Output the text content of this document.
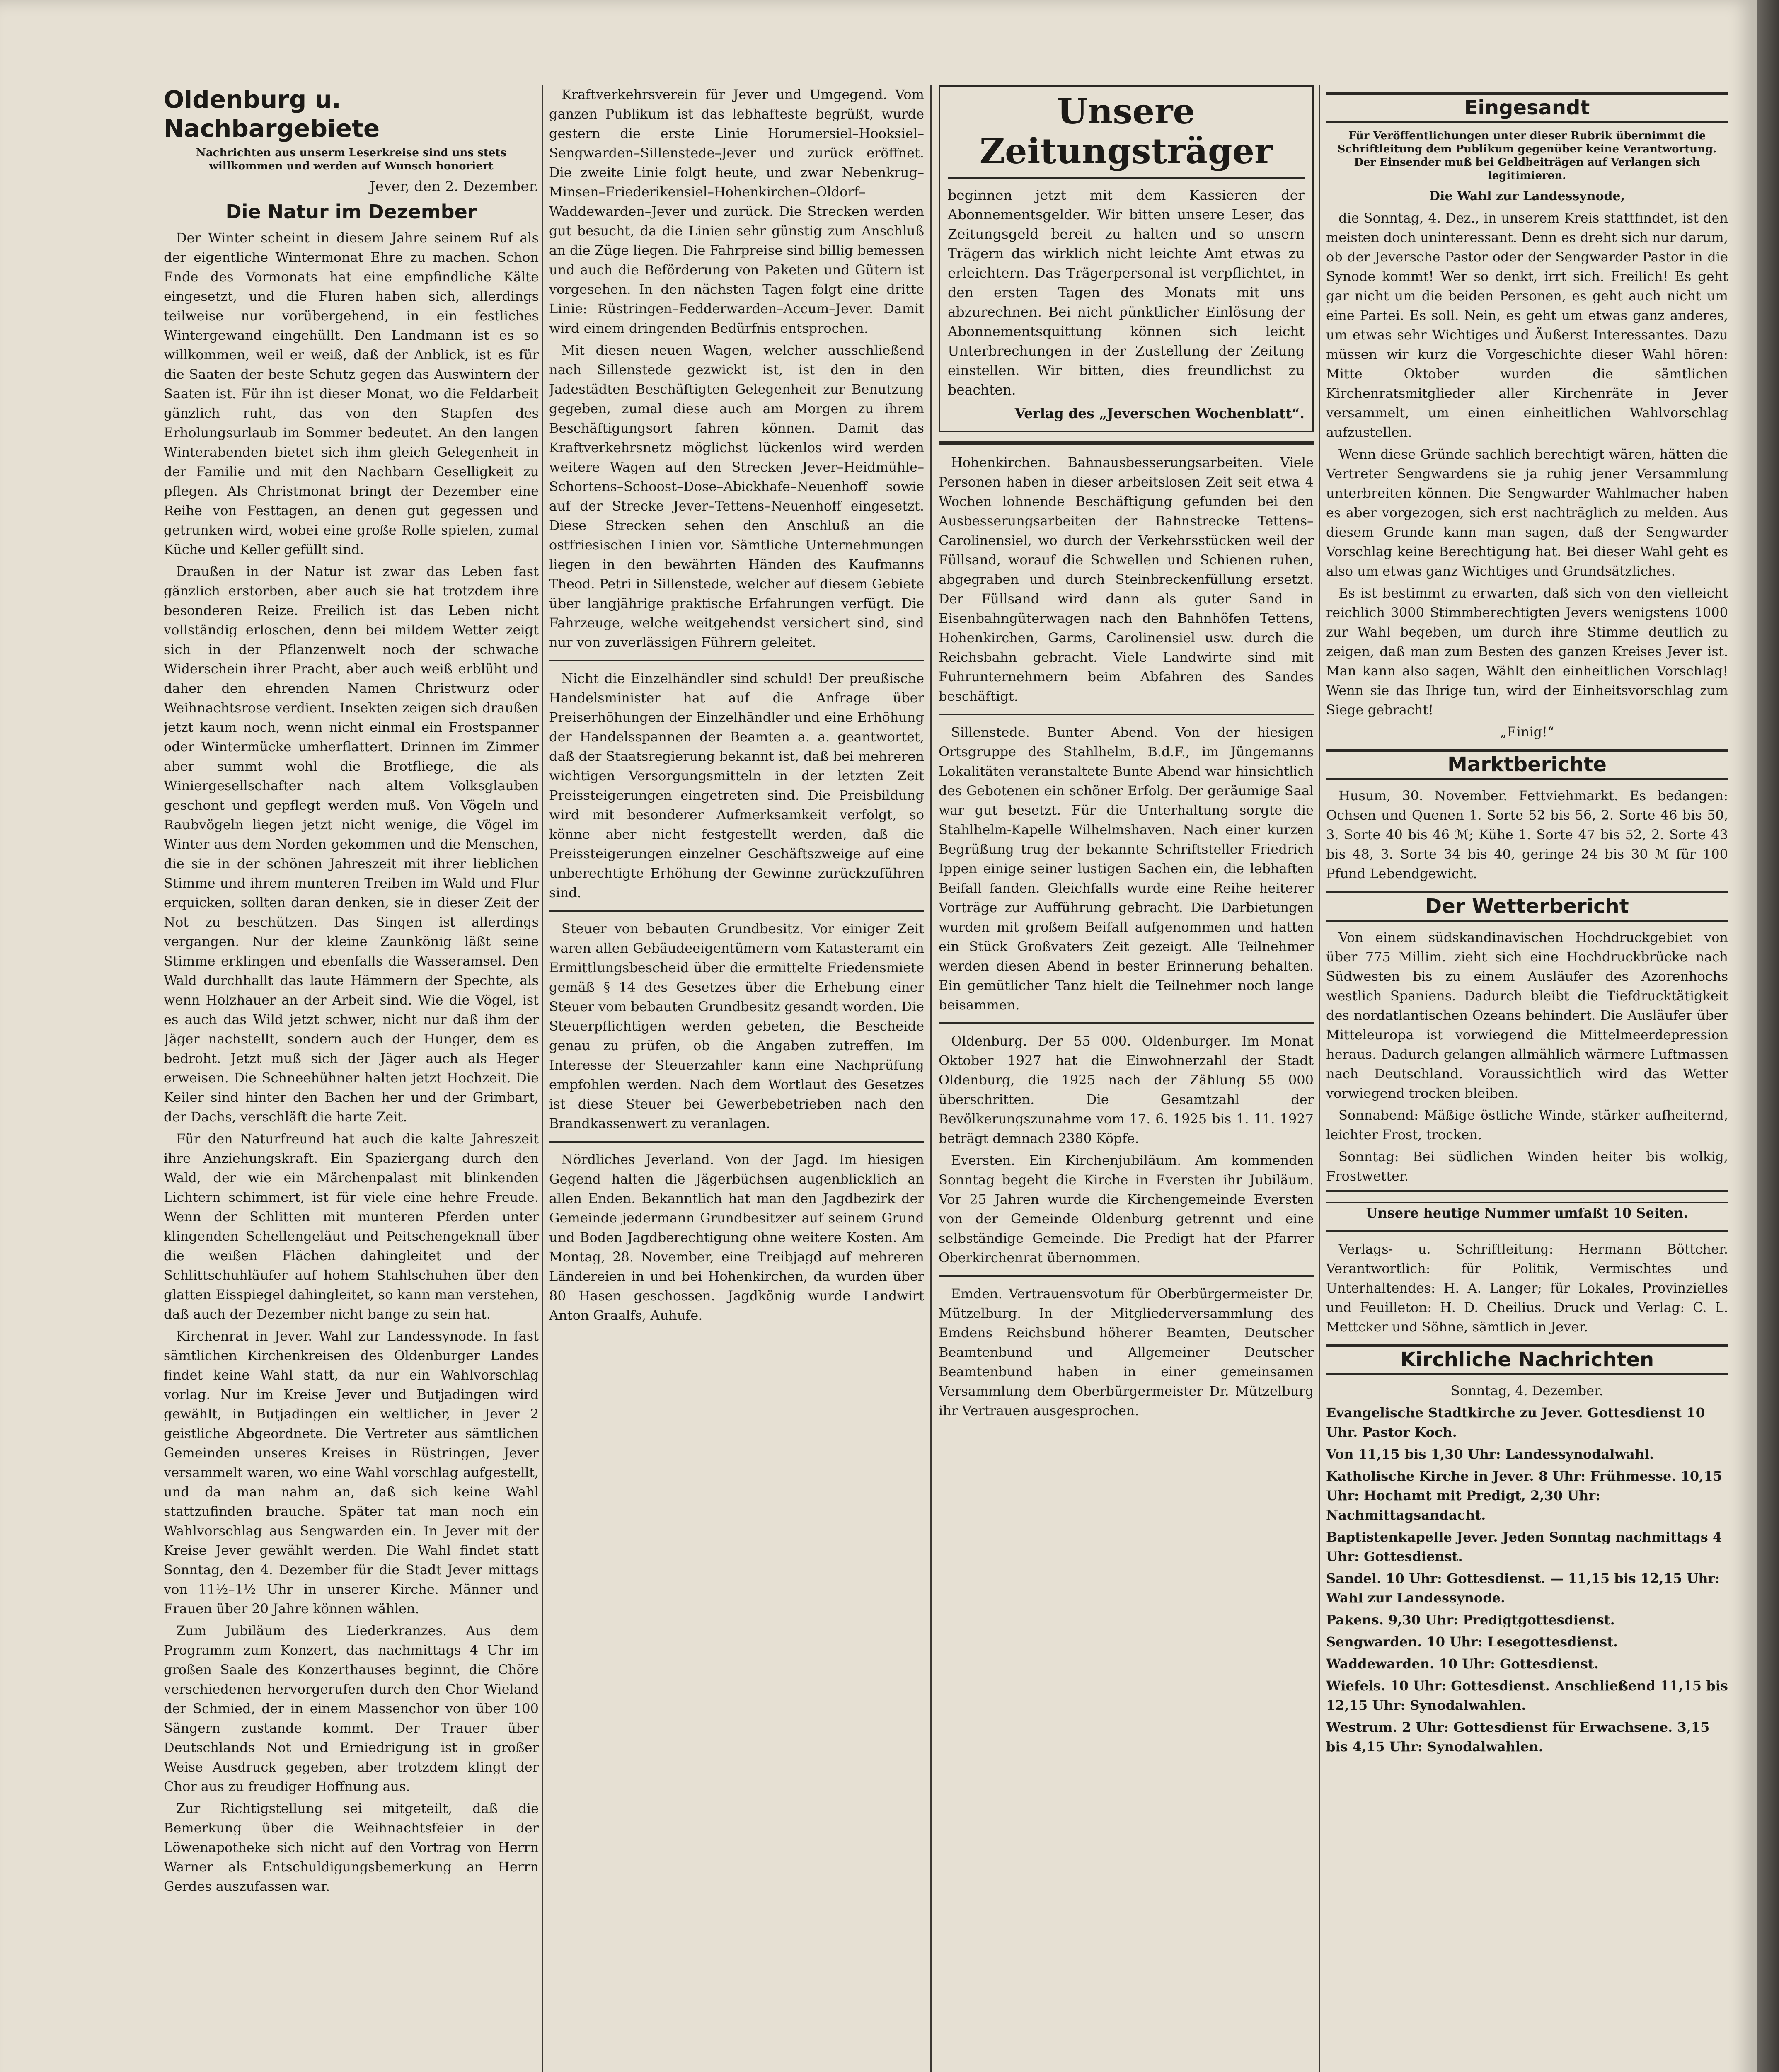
Oldenburg u. Nachbargebiete
Nachrichten aus unserm Leserkreise sind uns stets willkommen und werden auf Wunsch honoriert
Jever, den 2. Dezember.
Die Natur im Dezember

Der Winter scheint in diesem Jahre seinem Ruf als der eigentliche Wintermonat Ehre zu machen. Schon Ende des Vormonats hat eine empfindliche Kälte eingesetzt, und die Fluren haben sich, allerdings teilweise nur vorübergehend, in ein festliches Wintergewand eingehüllt. Den Landmann ist es so willkommen, weil er weiß, daß der Anblick, ist es für die Saaten der beste Schutz gegen das Auswintern der Saaten ist. Für ihn ist dieser Monat, wo die Feldarbeit gänzlich ruht, das von den Stapfen des Erholungsurlaub im Sommer bedeutet. An den langen Winterabenden bietet sich ihm gleich Gelegenheit in der Familie und mit den Nachbarn Geselligkeit zu pflegen. Als Christmonat bringt der Dezember eine Reihe von Festtagen, an denen gut gegessen und getrunken wird, wobei eine große Rolle spielen, zumal Küche und Keller gefüllt sind.

Draußen in der Natur ist zwar das Leben fast gänzlich erstorben, aber auch sie hat trotzdem ihre besonderen Reize. Freilich ist das Leben nicht vollständig erloschen, denn bei mildem Wetter zeigt sich in der Pflanzenwelt noch der schwache Widerschein ihrer Pracht, aber auch weiß erblüht und daher den ehrenden Namen Christwurz oder Weihnachtsrose verdient. Insekten zeigen sich draußen jetzt kaum noch, wenn nicht einmal ein Frostspanner oder Wintermücke umherflattert. Drinnen im Zimmer aber summt wohl die Brotfliege, die als Winiergesellschafter nach altem Volksglauben geschont und gepflegt werden muß. Von Vögeln und Raubvögeln liegen jetzt nicht wenige, die Vögel im Winter aus dem Norden gekommen und die Menschen, die sie in der schönen Jahreszeit mit ihrer lieblichen Stimme und ihrem munteren Treiben im Wald und Flur erquicken, sollten daran denken, sie in dieser Zeit der Not zu beschützen. Das Singen ist allerdings vergangen. Nur der kleine Zaunkönig läßt seine Stimme erklingen und ebenfalls die Wasseramsel. Den Wald durchhallt das laute Hämmern der Spechte, als wenn Holzhauer an der Arbeit sind. Wie die Vögel, ist es auch das Wild jetzt schwer, nicht nur daß ihm der Jäger nachstellt, sondern auch der Hunger, dem es bedroht. Jetzt muß sich der Jäger auch als Heger erweisen. Die Schneehühner halten jetzt Hochzeit. Die Keiler sind hinter den Bachen her und der Grimbart, der Dachs, verschläft die harte Zeit.

Für den Naturfreund hat auch die kalte Jahreszeit ihre Anziehungskraft. Ein Spaziergang durch den Wald, der wie ein Märchenpalast mit blinkenden Lichtern schimmert, ist für viele eine hehre Freude. Wenn der Schlitten mit munteren Pferden unter klingenden Schellengeläut und Peitschengeknall über die weißen Flächen dahingleitet und der Schlittschuhläufer auf hohem Stahlschuhen über den glatten Eisspiegel dahingleitet, so kann man verstehen, daß auch der Dezember nicht bange zu sein hat.

Kirchenrat in Jever. Wahl zur Landessynode. In fast sämtlichen Kirchenkreisen des Oldenburger Landes findet keine Wahl statt, da nur ein Wahlvorschlag vorlag. Nur im Kreise Jever und Butjadingen wird gewählt, in Butjadingen ein weltlicher, in Jever 2 geistliche Abgeordnete. Die Vertreter aus sämtlichen Gemeinden unseres Kreises in Rüstringen, Jever versammelt waren, wo eine Wahl vorschlag aufgestellt, und da man nahm an, daß sich keine Wahl stattzufinden brauche. Später tat man noch ein Wahlvorschlag aus Sengwarden ein. In Jever mit der Kreise Jever gewählt werden. Die Wahl findet statt Sonntag, den 4. Dezember für die Stadt Jever mittags von 11½–1½ Uhr in unserer Kirche. Männer und Frauen über 20 Jahre können wählen.

Zum Jubiläum des Liederkranzes. Aus dem Programm zum Konzert, das nachmittags 4 Uhr im großen Saale des Konzerthauses beginnt, die Chöre verschiedenen hervorgerufen durch den Chor Wieland der Schmied, der in einem Massenchor von über 100 Sängern zustande kommt. Der Trauer über Deutschlands Not und Erniedrigung ist in großer Weise Ausdruck gegeben, aber trotzdem klingt der Chor aus zu freudiger Hoffnung aus.

Zur Richtigstellung sei mitgeteilt, daß die Bemerkung über die Weihnachtsfeier in der Löwenapotheke sich nicht auf den Vortrag von Herrn Warner als Entschuldigungsbemerkung an Herrn Gerdes auszufassen war.

Kraftverkehrsverein für Jever und Umgegend. Vom ganzen Publikum ist das lebhafteste begrüßt, wurde gestern die erste Linie Horumersiel–Hooksiel–Sengwarden–Sillenstede–Jever und zurück eröffnet. Die zweite Linie folgt heute, und zwar Nebenkrug–Minsen–Friederikensiel–Hohenkirchen–Oldorf–Waddewarden–Jever und zurück. Die Strecken werden gut besucht, da die Linien sehr günstig zum Anschluß an die Züge liegen. Die Fahrpreise sind billig bemessen und auch die Beförderung von Paketen und Gütern ist vorgesehen. In den nächsten Tagen folgt eine dritte Linie: Rüstringen–Fedderwarden–Accum–Jever. Damit wird einem dringenden Bedürfnis entsprochen.

Mit diesen neuen Wagen, welcher ausschließend nach Sillenstede gezwickt ist, ist den in den Jadestädten Beschäftigten Gelegenheit zur Benutzung gegeben, zumal diese auch am Morgen zu ihrem Beschäftigungsort fahren können. Damit das Kraftverkehrsnetz möglichst lückenlos wird werden weitere Wagen auf den Strecken Jever–Heidmühle–Schortens–Schoost–Dose–Abickhafe–Neuenhoff sowie auf der Strecke Jever–Tettens–Neuenhoff eingesetzt. Diese Strecken sehen den Anschluß an die ostfriesischen Linien vor. Sämtliche Unternehmungen liegen in den bewährten Händen des Kaufmanns Theod. Petri in Sillenstede, welcher auf diesem Gebiete über langjährige praktische Erfahrungen verfügt. Die Fahrzeuge, welche weitgehendst versichert sind, sind nur von zuverlässigen Führern geleitet.

Nicht die Einzelhändler sind schuld! Der preußische Handelsminister hat auf die Anfrage über Preiserhöhungen der Einzelhändler und eine Erhöhung der Handelsspannen der Beamten a. a. geantwortet, daß der Staatsregierung bekannt ist, daß bei mehreren wichtigen Versorgungsmitteln in der letzten Zeit Preissteigerungen eingetreten sind. Die Preisbildung wird mit besonderer Aufmerksamkeit verfolgt, so könne aber nicht festgestellt werden, daß die Preissteigerungen einzelner Geschäftszweige auf eine unberechtigte Erhöhung der Gewinne zurückzuführen sind.

Steuer von bebauten Grundbesitz. Vor einiger Zeit waren allen Gebäudeeigentümern vom Katasteramt ein Ermittlungsbescheid über die ermittelte Friedensmiete gemäß § 14 des Gesetzes über die Erhebung einer Steuer vom bebauten Grundbesitz gesandt worden. Die Steuerpflichtigen werden gebeten, die Bescheide genau zu prüfen, ob die Angaben zutreffen. Im Interesse der Steuerzahler kann eine Nachprüfung empfohlen werden. Nach dem Wortlaut des Gesetzes ist diese Steuer bei Gewerbebetrieben nach den Brandkassenwert zu veranlagen.

Nördliches Jeverland. Von der Jagd. Im hiesigen Gegend halten die Jägerbüchsen augenblicklich an allen Enden. Bekanntlich hat man den Jagdbezirk der Gemeinde jedermann Grundbesitzer auf seinem Grund und Boden Jagdberechtigung ohne weitere Kosten. Am Montag, 28. November, eine Treibjagd auf mehreren Ländereien in und bei Hohenkirchen, da wurden über 80 Hasen geschossen. Jagdkönig wurde Landwirt Anton Graalfs, Auhufe.

Unsere Zeitungsträger

beginnen jetzt mit dem Kassieren der Abonnementsgelder. Wir bitten unsere Leser, das Zeitungsgeld bereit zu halten und so unsern Trägern das wirklich nicht leichte Amt etwas zu erleichtern. Das Trägerpersonal ist verpflichtet, in den ersten Tagen des Monats mit uns abzurechnen. Bei nicht pünktlicher Einlösung der Abonnementsquittung können sich leicht Unterbrechungen in der Zustellung der Zeitung einstellen. Wir bitten, dies freundlichst zu beachten.

Verlag des „Jeverschen Wochenblatt“.

Hohenkirchen. Bahnausbesserungsarbeiten. Viele Personen haben in dieser arbeitslosen Zeit seit etwa 4 Wochen lohnende Beschäftigung gefunden bei den Ausbesserungsarbeiten der Bahnstrecke Tettens–Carolinensiel, wo durch der Verkehrsstücken weil der Füllsand, worauf die Schwellen und Schienen ruhen, abgegraben und durch Steinbreckenfüllung ersetzt. Der Füllsand wird dann als guter Sand in Eisenbahngüterwagen nach den Bahnhöfen Tettens, Hohenkirchen, Garms, Carolinensiel usw. durch die Reichsbahn gebracht. Viele Landwirte sind mit Fuhrunternehmern beim Abfahren des Sandes beschäftigt.

Sillenstede. Bunter Abend. Von der hiesigen Ortsgruppe des Stahlhelm, B.d.F., im Jüngemanns Lokalitäten veranstaltete Bunte Abend war hinsichtlich des Gebotenen ein schöner Erfolg. Der geräumige Saal war gut besetzt. Für die Unterhaltung sorgte die Stahlhelm-Kapelle Wilhelmshaven. Nach einer kurzen Begrüßung trug der bekannte Schriftsteller Friedrich Ippen einige seiner lustigen Sachen ein, die lebhaften Beifall fanden. Gleichfalls wurde eine Reihe heiterer Vorträge zur Aufführung gebracht. Die Darbietungen wurden mit großem Beifall aufgenommen und hatten ein Stück Großvaters Zeit gezeigt. Alle Teilnehmer werden diesen Abend in bester Erinnerung behalten. Ein gemütlicher Tanz hielt die Teilnehmer noch lange beisammen.

Oldenburg. Der 55 000. Oldenburger. Im Monat Oktober 1927 hat die Einwohnerzahl der Stadt Oldenburg, die 1925 nach der Zählung 55 000 überschritten. Die Gesamtzahl der Bevölkerungszunahme vom 17. 6. 1925 bis 1. 11. 1927 beträgt demnach 2380 Köpfe.

Eversten. Ein Kirchenjubiläum. Am kommenden Sonntag begeht die Kirche in Eversten ihr Jubiläum. Vor 25 Jahren wurde die Kirchengemeinde Eversten von der Gemeinde Oldenburg getrennt und eine selbständige Gemeinde. Die Predigt hat der Pfarrer Oberkirchenrat übernommen.

Emden. Vertrauensvotum für Oberbürgermeister Dr. Mützelburg. In der Mitgliederversammlung des Emdens Reichsbund höherer Beamten, Deutscher Beamtenbund und Allgemeiner Deutscher Beamtenbund haben in einer gemeinsamen Versammlung dem Oberbürgermeister Dr. Mützelburg ihr Vertrauen ausgesprochen.

Eingesandt
Für Veröffentlichungen unter dieser Rubrik übernimmt die Schriftleitung dem Publikum gegenüber keine Verantwortung. Der Einsender muß bei Geldbeiträgen auf Verlangen sich legitimieren.
Die Wahl zur Landessynode,

die Sonntag, 4. Dez., in unserem Kreis stattfindet, ist den meisten doch uninteressant. Denn es dreht sich nur darum, ob der Jeversche Pastor oder der Sengwarder Pastor in die Synode kommt! Wer so denkt, irrt sich. Freilich! Es geht gar nicht um die beiden Personen, es geht auch nicht um eine Partei. Es soll. Nein, es geht um etwas ganz anderes, um etwas sehr Wichtiges und Äußerst Interessantes. Dazu müssen wir kurz die Vorgeschichte dieser Wahl hören: Mitte Oktober wurden die sämtlichen Kirchenratsmitglieder aller Kirchenräte in Jever versammelt, um einen einheitlichen Wahlvorschlag aufzustellen.

Wenn diese Gründe sachlich berechtigt wären, hätten die Vertreter Sengwardens sie ja ruhig jener Versammlung unterbreiten können. Die Sengwarder Wahlmacher haben es aber vorgezogen, sich erst nachträglich zu melden. Aus diesem Grunde kann man sagen, daß der Sengwarder Vorschlag keine Berechtigung hat. Bei dieser Wahl geht es also um etwas ganz Wichtiges und Grundsätzliches.

Es ist bestimmt zu erwarten, daß sich von den vielleicht reichlich 3000 Stimmberechtigten Jevers wenigstens 1000 zur Wahl begeben, um durch ihre Stimme deutlich zu zeigen, daß man zum Besten des ganzen Kreises Jever ist. Man kann also sagen, Wählt den einheitlichen Vorschlag! Wenn sie das Ihrige tun, wird der Einheitsvorschlag zum Siege gebracht!

„Einig!“

Marktberichte

Husum, 30. November. Fettviehmarkt. Es bedangen: Ochsen und Quenen 1. Sorte 52 bis 56, 2. Sorte 46 bis 50, 3. Sorte 40 bis 46 ℳ; Kühe 1. Sorte 47 bis 52, 2. Sorte 43 bis 48, 3. Sorte 34 bis 40, geringe 24 bis 30 ℳ für 100 Pfund Lebendgewicht.

Der Wetterbericht

Von einem südskandinavischen Hochdruckgebiet von über 775 Millim. zieht sich eine Hochdruckbrücke nach Südwesten bis zu einem Ausläufer des Azorenhochs westlich Spaniens. Dadurch bleibt die Tiefdrucktätigkeit des nordatlantischen Ozeans behindert. Die Ausläufer über Mitteleuropa ist vorwiegend die Mittelmeerdepression heraus. Dadurch gelangen allmählich wärmere Luftmassen nach Deutschland. Voraussichtlich wird das Wetter vorwiegend trocken bleiben.

Sonnabend: Mäßige östliche Winde, stärker aufheiternd, leichter Frost, trocken.

Sonntag: Bei südlichen Winden heiter bis wolkig, Frostwetter.

Unsere heutige Nummer umfaßt 10 Seiten.

Verlags- u. Schriftleitung: Hermann Böttcher. Verantwortlich: für Politik, Vermischtes und Unterhaltendes: H. A. Langer; für Lokales, Provinzielles und Feuilleton: H. D. Cheilius. Druck und Verlag: C. L. Mettcker und Söhne, sämtlich in Jever.

Kirchliche Nachrichten

Sonntag, 4. Dezember.

Evangelische Stadtkirche zu Jever. Gottesdienst 10 Uhr. Pastor Koch.

Von 11,15 bis 1,30 Uhr: Landessynodalwahl.

Katholische Kirche in Jever. 8 Uhr: Frühmesse. 10,15 Uhr: Hochamt mit Predigt, 2,30 Uhr: Nachmittagsandacht.

Baptistenkapelle Jever. Jeden Sonntag nachmittags 4 Uhr: Gottesdienst.

Sandel. 10 Uhr: Gottesdienst. — 11,15 bis 12,15 Uhr: Wahl zur Landessynode.

Pakens. 9,30 Uhr: Predigtgottesdienst.

Sengwarden. 10 Uhr: Lesegottesdienst.

Waddewarden. 10 Uhr: Gottesdienst.

Wiefels. 10 Uhr: Gottesdienst. Anschließend 11,15 bis 12,15 Uhr: Synodalwahlen.

Westrum. 2 Uhr: Gottesdienst für Erwachsene. 3,15 bis 4,15 Uhr: Synodalwahlen.
